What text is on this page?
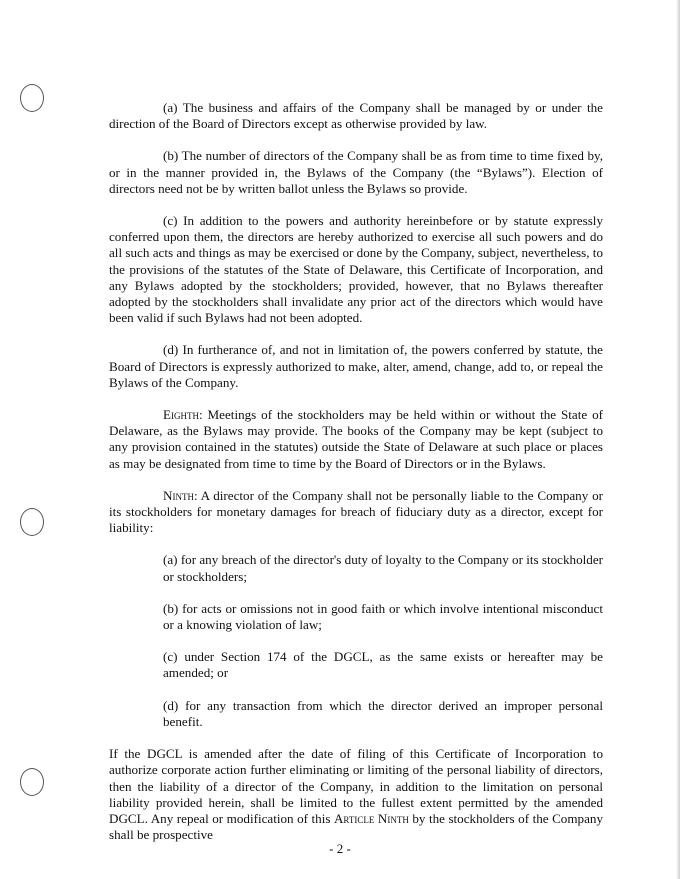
(a) The business and affairs of the Company shall be managed by or under the direction of the Board of Directors except as otherwise provided by law.

(b) The number of directors of the Company shall be as from time to time fixed by, or in the manner provided in, the Bylaws of the Company (the “Bylaws”). Election of directors need not be by written ballot unless the Bylaws so provide.

(c) In addition to the powers and authority hereinbefore or by statute expressly conferred upon them, the directors are hereby authorized to exercise all such powers and do all such acts and things as may be exercised or done by the Company, subject, nevertheless, to the provisions of the statutes of the State of Delaware, this Certificate of Incorporation, and any Bylaws adopted by the stockholders; provided, however, that no Bylaws thereafter adopted by the stockholders shall invalidate any prior act of the directors which would have been valid if such Bylaws had not been adopted.

(d) In furtherance of, and not in limitation of, the powers conferred by statute, the Board of Directors is expressly authorized to make, alter, amend, change, add to, or repeal the Bylaws of the Company.

Eighth: Meetings of the stockholders may be held within or without the State of Delaware, as the Bylaws may provide. The books of the Company may be kept (subject to any provision contained in the statutes) outside the State of Delaware at such place or places as may be designated from time to time by the Board of Directors or in the Bylaws.

Ninth: A director of the Company shall not be personally liable to the Company or its stockholders for monetary damages for breach of fiduciary duty as a director, except for liability:

(a) for any breach of the director's duty of loyalty to the Company or its stockholder or stockholders;

(b) for acts or omissions not in good faith or which involve intentional misconduct or a knowing violation of law;

(c) under Section 174 of the DGCL, as the same exists or hereafter may be amended; or

(d) for any transaction from which the director derived an improper personal benefit.

If the DGCL is amended after the date of filing of this Certificate of Incorporation to authorize corporate action further eliminating or limiting of the personal liability of directors, then the liability of a director of the Company, in addition to the limitation on personal liability provided herein, shall be limited to the fullest extent permitted by the amended DGCL. Any repeal or modification of this Article Ninth by the stockholders of the Company shall be prospective

- 2 -
